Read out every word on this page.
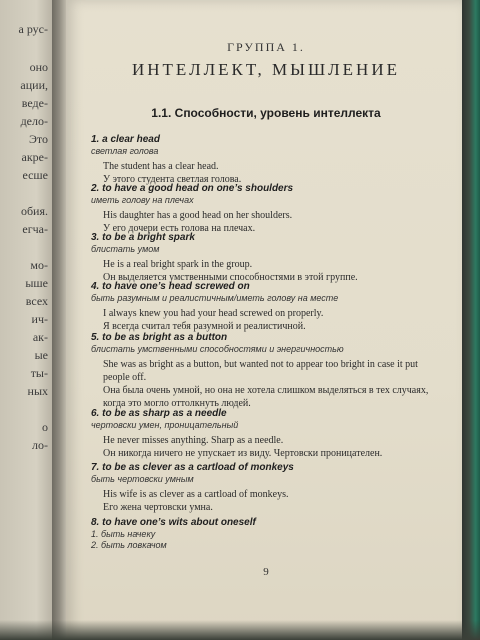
а рус-
оно
ации,
веде-
дело-
Это
акре-
есше
обия.
егча-
мо-
ыше
всех
ич-
ак-
ые
ты-
ных
о
ло-
ГРУППА 1.
ИНТЕЛЛЕКТ, МЫШЛЕНИЕ
1.1. Способности, уровень интеллекта
1. a clear head
светлая голова
The student has a clear head.
У этого студента светлая голова.
2. to have a good head on one’s shoulders
иметь голову на плечах
His daughter has a good head on her shoulders.
У его дочери есть голова на плечах.
3. to be a bright spark
блистать умом
He is a real bright spark in the group.
Он выделяется умственными способностями в этой группе.
4. to have one’s head screwed on
быть разумным и реалистичным/иметь голову на месте
I always knew you had your head screwed on properly.
Я всегда считал тебя разумной и реалистичной.
5. to be as bright as a button
блистать умственными способностями и энергичностью
She was as bright as a button, but wanted not to appear too bright in case it put people off.
Она была очень умной, но она не хотела слишком выделяться в тех случаях, когда это могло оттолкнуть людей.
6. to be as sharp as a needle
чертовски умен, проницательный
He never misses anything. Sharp as a needle.
Он никогда ничего не упускает из виду. Чертовски проницателен.
7. to be as clever as a cartload of monkeys
быть чертовски умным
His wife is as clever as a cartload of monkeys.
Его жена чертовски умна.
8. to have one’s wits about oneself
1. быть начеку
2. быть ловкачом
9
